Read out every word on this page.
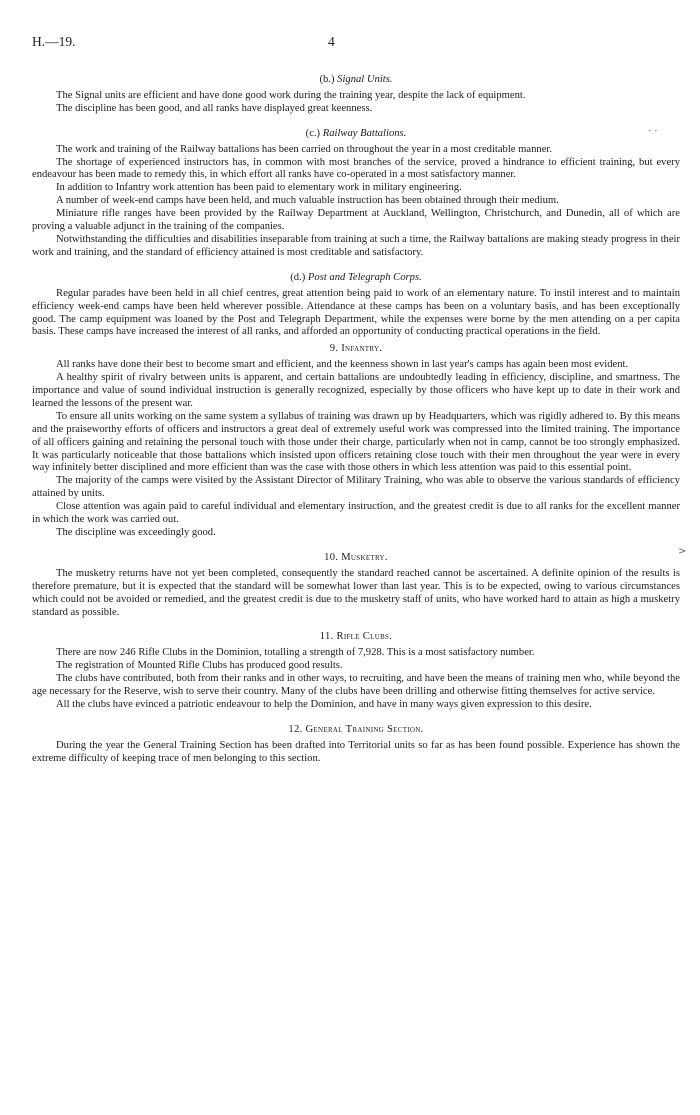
H.—19.	4
(b.) Signal Units.

The Signal units are efficient and have done good work during the training year, despite the lack of equipment.

The discipline has been good, and all ranks have displayed great keenness.

(c.) Railway Battalions.

The work and training of the Railway battalions has been carried on throughout the year in a most creditable manner.

The shortage of experienced instructors has, in common with most branches of the service, proved a hindrance to efficient training, but every endeavour has been made to remedy this, in which effort all ranks have co-operated in a most satisfactory manner.

In addition to Infantry work attention has been paid to elementary work in military engineering.

A number of week-end camps have been held, and much valuable instruction has been obtained through their medium.

Miniature rifle ranges have been provided by the Railway Department at Auckland, Wellington, Christchurch, and Dunedin, all of which are proving a valuable adjunct in the training of the companies.

Notwithstanding the difficulties and disabilities inseparable from training at such a time, the Railway battalions are making steady progress in their work and training, and the standard of efficiency attained is most creditable and satisfactory.

(d.) Post and Telegraph Corps.

Regular parades have been held in all chief centres, great attention being paid to work of an elementary nature. To instil interest and to maintain efficiency week-end camps have been held wherever possible. Attendance at these camps has been on a voluntary basis, and has been exceptionally good. The camp equipment was loaned by the Post and Telegraph Department, while the expenses were borne by the men attending on a per capita basis. These camps have increased the interest of all ranks, and afforded an opportunity of conducting practical operations in the field.

9. Infantry.

All ranks have done their best to become smart and efficient, and the keenness shown in last year's camps has again been most evident.

A healthy spirit of rivalry between units is apparent, and certain battalions are undoubtedly leading in efficiency, discipline, and smartness. The importance and value of sound individual instruction is generally recognized, especially by those officers who have kept up to date in their work and learned the lessons of the present war.

To ensure all units working on the same system a syllabus of training was drawn up by Headquarters, which was rigidly adhered to. By this means and the praiseworthy efforts of officers and instructors a great deal of extremely useful work was compressed into the limited training. The importance of all officers gaining and retaining the personal touch with those under their charge, particularly when not in camp, cannot be too strongly emphasized. It was particularly noticeable that those battalions which insisted upon officers retaining close touch with their men throughout the year were in every way infinitely better disciplined and more efficient than was the case with those others in which less attention was paid to this essential point.

The majority of the camps were visited by the Assistant Director of Military Training, who was able to observe the various standards of efficiency attained by units.

Close attention was again paid to careful individual and elementary instruction, and the greatest credit is due to all ranks for the excellent manner in which the work was carried out.

The discipline was exceedingly good.

10. Musketry.

The musketry returns have not yet been completed, consequently the standard reached cannot be ascertained. A definite opinion of the results is therefore premature, but it is expected that the standard will be somewhat lower than last year. This is to be expected, owing to various circumstances which could not be avoided or remedied, and the greatest credit is due to the musketry staff of units, who have worked hard to attain as high a musketry standard as possible.

11. Rifle Clubs.

There are now 246 Rifle Clubs in the Dominion, totalling a strength of 7,928. This is a most satisfactory number.

The registration of Mounted Rifle Clubs has produced good results.

The clubs have contributed, both from their ranks and in other ways, to recruiting, and have been the means of training men who, while beyond the age necessary for the Reserve, wish to serve their country. Many of the clubs have been drilling and otherwise fitting themselves for active service.

All the clubs have evinced a patriotic endeavour to help the Dominion, and have in many ways given expression to this desire.

12. General Training Section.

During the year the General Training Section has been drafted into Territorial units so far as has been found possible. Experience has shown the extreme difficulty of keeping trace of men belonging to this section.

· ·
>
